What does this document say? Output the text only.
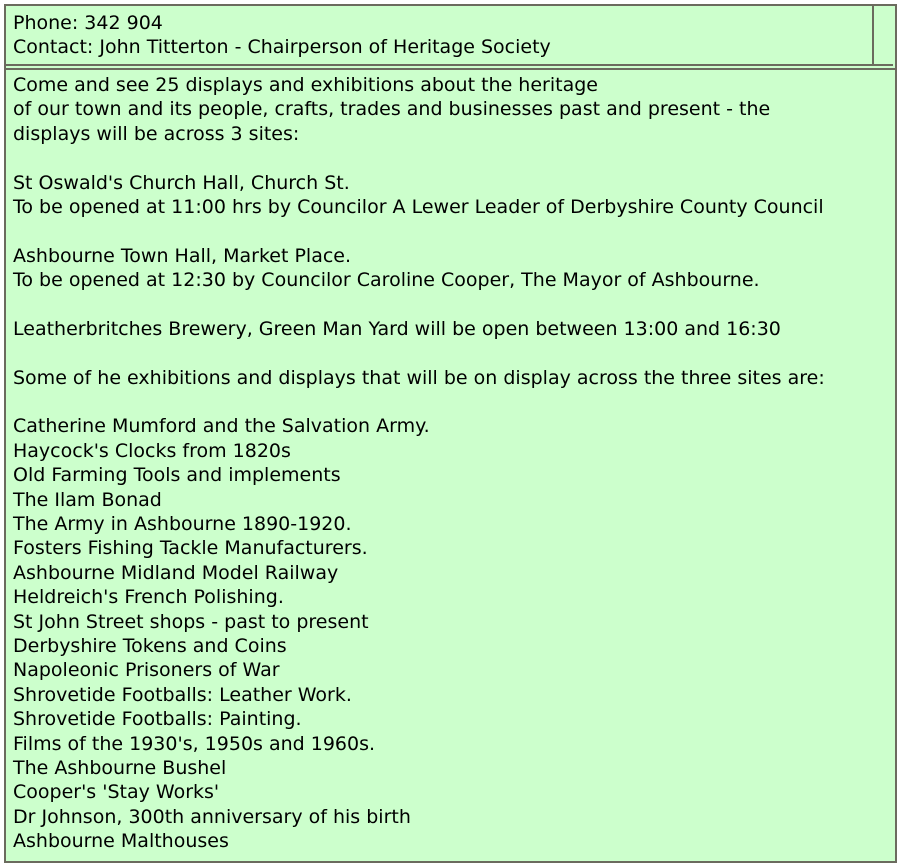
Phone: 342 904
Contact: John Titterton - Chairperson of Heritage Society
Come and see 25 displays and exhibitions about the heritage
of our town and its people, crafts, trades and businesses past and present - the
displays will be across 3 sites:
St Oswald's Church Hall, Church St.
To be opened at 11:00 hrs by Councilor A Lewer Leader of Derbyshire County Council
Ashbourne Town Hall, Market Place.
To be opened at 12:30 by Councilor Caroline Cooper, The Mayor of Ashbourne.
Leatherbritches Brewery, Green Man Yard will be open between 13:00 and 16:30
Some of he exhibitions and displays that will be on display across the three sites are:
Catherine Mumford and the Salvation Army.
Haycock's Clocks from 1820s
Old Farming Tools and implements
The Ilam Bonad
The Army in Ashbourne 1890-1920.
Fosters Fishing Tackle Manufacturers.
Ashbourne Midland Model Railway
Heldreich's French Polishing.
St John Street shops - past to present
Derbyshire Tokens and Coins
Napoleonic Prisoners of War
Shrovetide Footballs: Leather Work.
Shrovetide Footballs: Painting.
Films of the 1930's, 1950s and 1960s.
The Ashbourne Bushel
Cooper's 'Stay Works'
Dr Johnson, 300th anniversary of his birth
Ashbourne Malthouses
